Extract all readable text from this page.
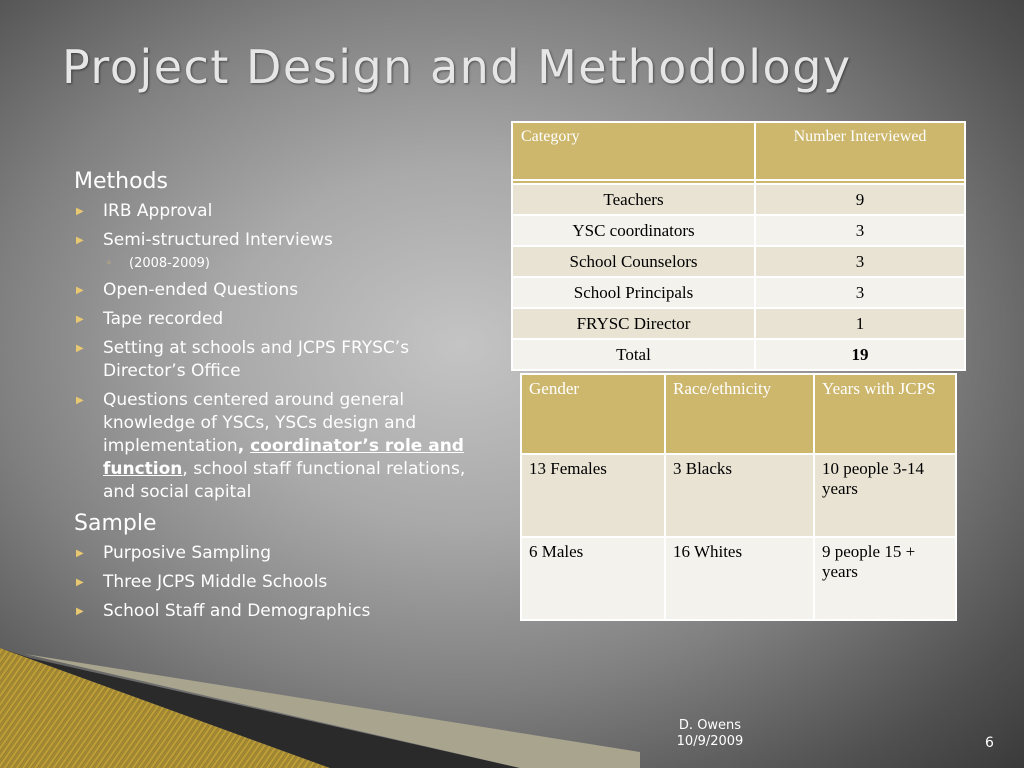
Project Design and Methodology
Methods
▶ IRB Approval
▶ Semi-structured Interviews
◦ (2008-2009)
▶ Open-ended Questions
▶ Tape recorded
▶ Setting at schools and JCPS FRYSC’s Director’s Office
▶ Questions centered around general knowledge of YSCs, YSCs design and implementation, coordinator’s role and function, school staff functional relations, and social capital
Sample
▶ Purposive Sampling
▶ Three JCPS Middle Schools
▶ School Staff and Demographics
Category	Number Interviewed

Teachers	9
YSC coordinators	3
School Counselors	3
School Principals	3
FRYSC Director	1
Total	19
Gender	Race/ethnicity	Years with JCPS
13 Females	3 Blacks	10 people 3-14 years
6 Males	16 Whites	9 people 15 + years
D. Owens
10/9/2009	6
